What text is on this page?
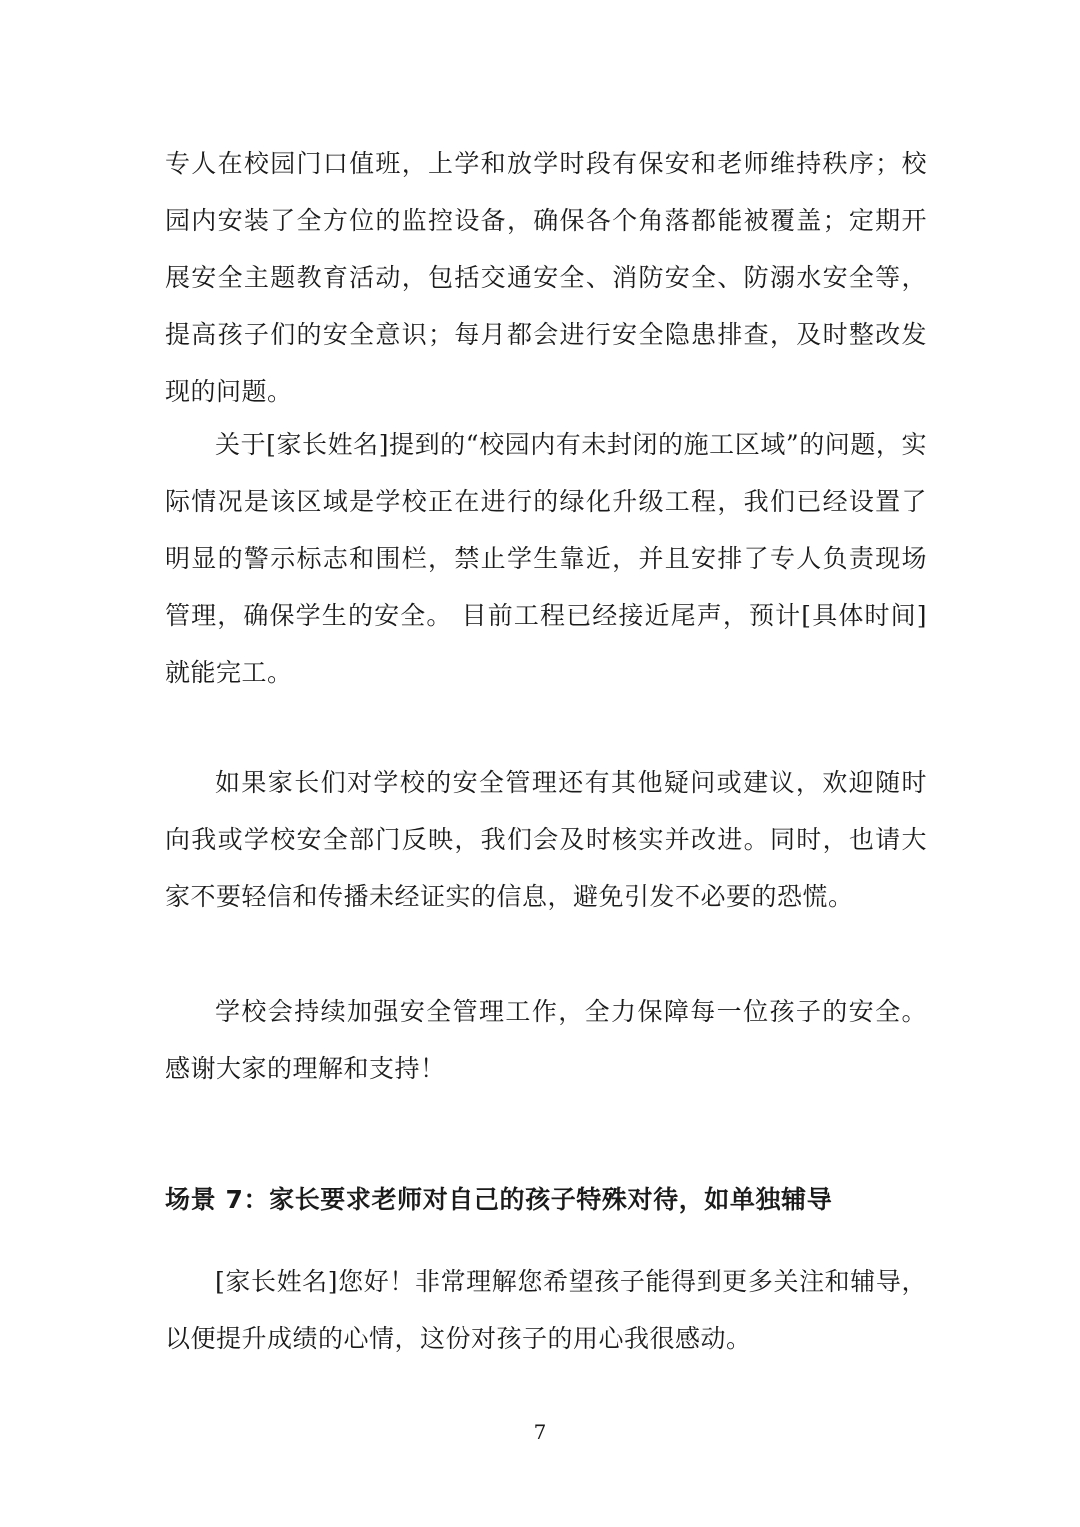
专人在校园门口值班，上学和放学时段有保安和老师维持秩序；校园内安装了全方位的监控设备，确保各个角落都能被覆盖；定期开展安全主题教育活动，包括交通安全、消防安全、防溺水安全等，提高孩子们的安全意识；每月都会进行安全隐患排查，及时整改发现的问题。

关于[家长姓名]提到的“校园内有未封闭的施工区域”的问题，实际情况是该区域是学校正在进行的绿化升级工程，我们已经设置了明显的警示标志和围栏，禁止学生靠近，并且安排了专人负责现场管理，确保学生的安全。 目前工程已经接近尾声，预计[具体时间]就能完工。

如果家长们对学校的安全管理还有其他疑问或建议，欢迎随时向我或学校安全部门反映，我们会及时核实并改进。同时，也请大家不要轻信和传播未经证实的信息，避免引发不必要的恐慌。

学校会持续加强安全管理工作，全力保障每一位孩子的安全。感谢大家的理解和支持！

场景 7：家长要求老师对自己的孩子特殊对待，如单独辅导

[家长姓名]您好！非常理解您希望孩子能得到更多关注和辅导，以便提升成绩的心情，这份对孩子的用心我很感动。

7
